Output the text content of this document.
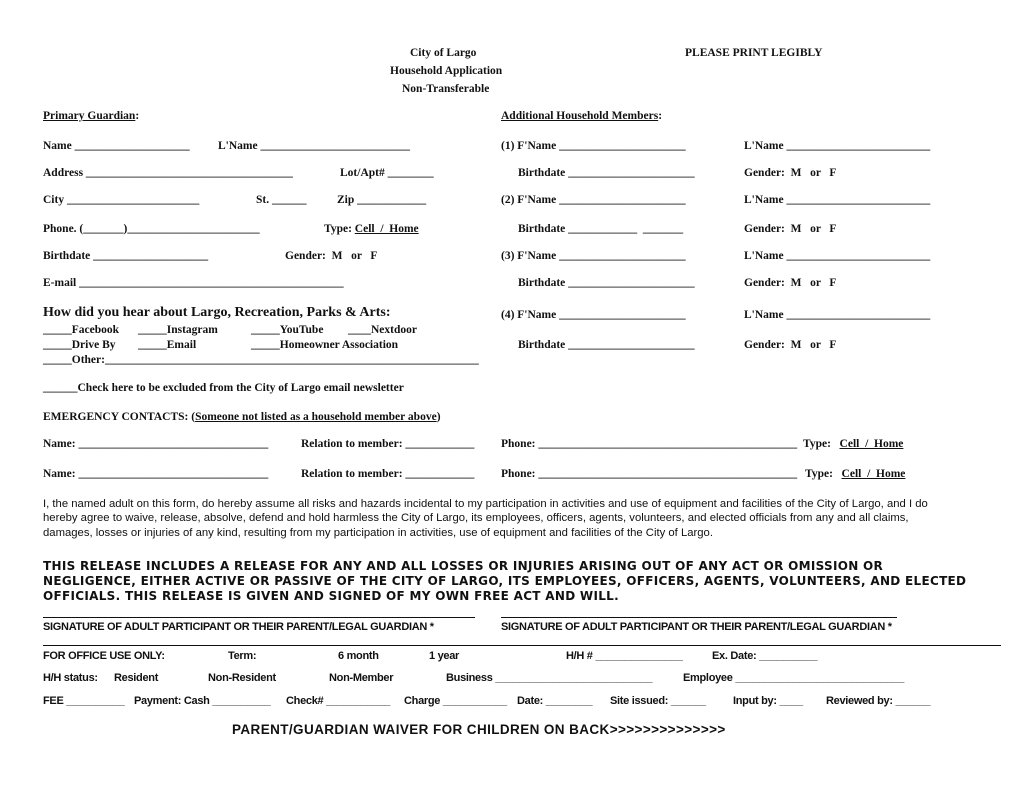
City of Largo
Household Application
Non-Transferable
PLEASE PRINT LEGIBLY
Primary Guardian:	Additional Household Members:
Name ____________________ L'Name __________________________
Address ____________________________________	Lot/Apt# ________
City _______________________	St. ______	Zip ____________
Phone. (_______)_______________________	Type: Cell  /  Home
Birthdate ____________________	Gender:  M   or   F
E-mail ______________________________________________
(1) F'Name ______________________	L'Name _________________________
Birthdate ______________________	Gender:  M   or   F
(2) F'Name ______________________	L'Name _________________________
Birthdate ____________  _______	Gender:  M   or   F
(3) F'Name ______________________	L'Name _________________________
Birthdate ______________________	Gender:  M   or   F
(4) F'Name ______________________	L'Name _________________________
Birthdate ______________________	Gender:  M   or   F
How did you hear about Largo, Recreation, Parks & Arts:
_____Facebook _____Instagram	_____YouTube ____Nextdoor
_____Drive By _____Email	_____Homeowner Association
_____Other:_________________________________________________________________
______Check here to be excluded from the City of Largo email newsletter
EMERGENCY CONTACTS: (Someone not listed as a household member above)
Name: _________________________________	Relation to member: ____________ Phone: _____________________________________________ Type: Cell  /  Home
Name: _________________________________	Relation to member: ____________ Phone: _____________________________________________ Type: Cell  /  Home
I, the named adult on this form, do hereby assume all risks and hazards incidental to my participation in activities and use of equipment and facilities of the City of Largo, and I do hereby agree to waive, release, absolve, defend and hold harmless the City of Largo, its employees, officers, agents, volunteers, and elected officials from any and all claims, damages, losses or injuries of any kind, resulting from my participation in activities, use of equipment and facilities of the City of Largo.
THIS RELEASE INCLUDES A RELEASE FOR ANY AND ALL LOSSES OR INJURIES ARISING OUT OF ANY ACT OR OMISSION OR
NEGLIGENCE, EITHER ACTIVE OR PASSIVE OF THE CITY OF LARGO, ITS EMPLOYEES, OFFICERS, AGENTS, VOLUNTEERS, AND ELECTED
OFFICIALS. THIS RELEASE IS GIVEN AND SIGNED OF MY OWN FREE ACT AND WILL.
SIGNATURE OF ADULT PARTICIPANT OR THEIR PARENT/LEGAL GUARDIAN *	SIGNATURE OF ADULT PARTICIPANT OR THEIR PARENT/LEGAL GUARDIAN *
FOR OFFICE USE ONLY:	Term:	6 month	1 year	H/H # _______________	Ex. Date: __________
H/H status: Resident	Non-Resident	Non-Member	Business ___________________________	Employee _____________________________
FEE __________ Payment: Cash __________ Check# ___________ Charge ___________ Date: ________ Site issued: ______ Input by: ____ Reviewed by: ______
PARENT/GUARDIAN WAIVER FOR CHILDREN ON BACK>>>>>>>>>>>>>>
